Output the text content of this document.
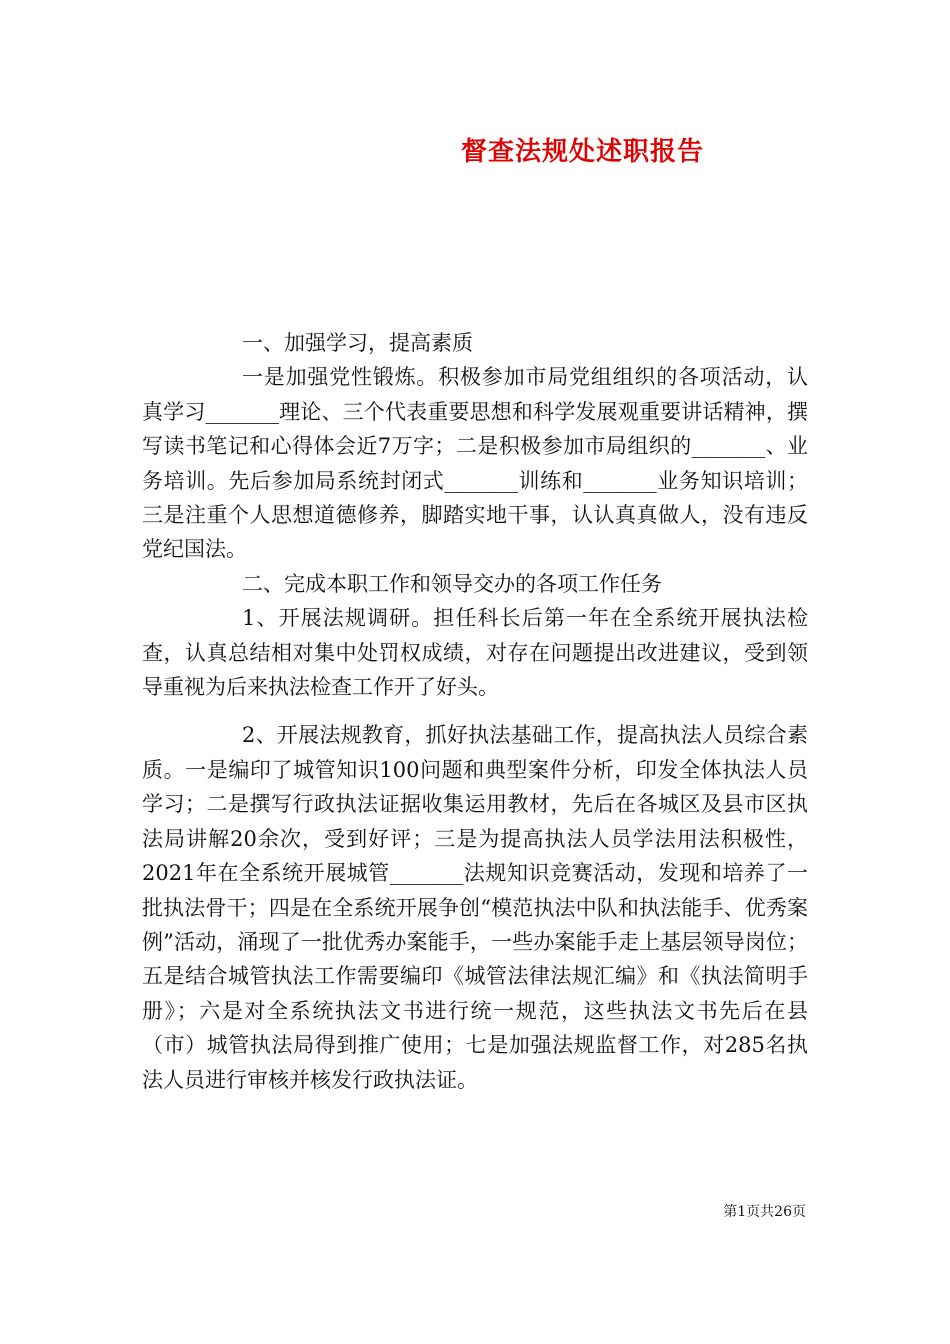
督查法规处述职报告

一、加强学习，提高素质

一是加强党性锻炼。积极参加市局党组组织的各项活动，认真学习_______理论、三个代表重要思想和科学发展观重要讲话精神，撰写读书笔记和心得体会近7万字；二是积极参加市局组织的_______、业务培训。先后参加局系统封闭式_______训练和_______业务知识培训；三是注重个人思想道德修养，脚踏实地干事，认认真真做人，没有违反党纪国法。

二、完成本职工作和领导交办的各项工作任务

1、开展法规调研。担任科长后第一年在全系统开展执法检查，认真总结相对集中处罚权成绩，对存在问题提出改进建议，受到领导重视为后来执法检查工作开了好头。

2、开展法规教育，抓好执法基础工作，提高执法人员综合素质。一是编印了城管知识100问题和典型案件分析，印发全体执法人员学习；二是撰写行政执法证据收集运用教材，先后在各城区及县市区执法局讲解20余次，受到好评；三是为提高执法人员学法用法积极性，2021年在全系统开展城管_______法规知识竞赛活动，发现和培养了一批执法骨干；四是在全系统开展争创“模范执法中队和执法能手、优秀案例”活动，涌现了一批优秀办案能手，一些办案能手走上基层领导岗位；五是结合城管执法工作需要编印《城管法律法规汇编》和《执法简明手册》；六是对全系统执法文书进行统一规范，这些执法文书先后在县（市）城管执法局得到推广使用；七是加强法规监督工作，对285名执法人员进行审核并核发行政执法证。

第1页共26页
